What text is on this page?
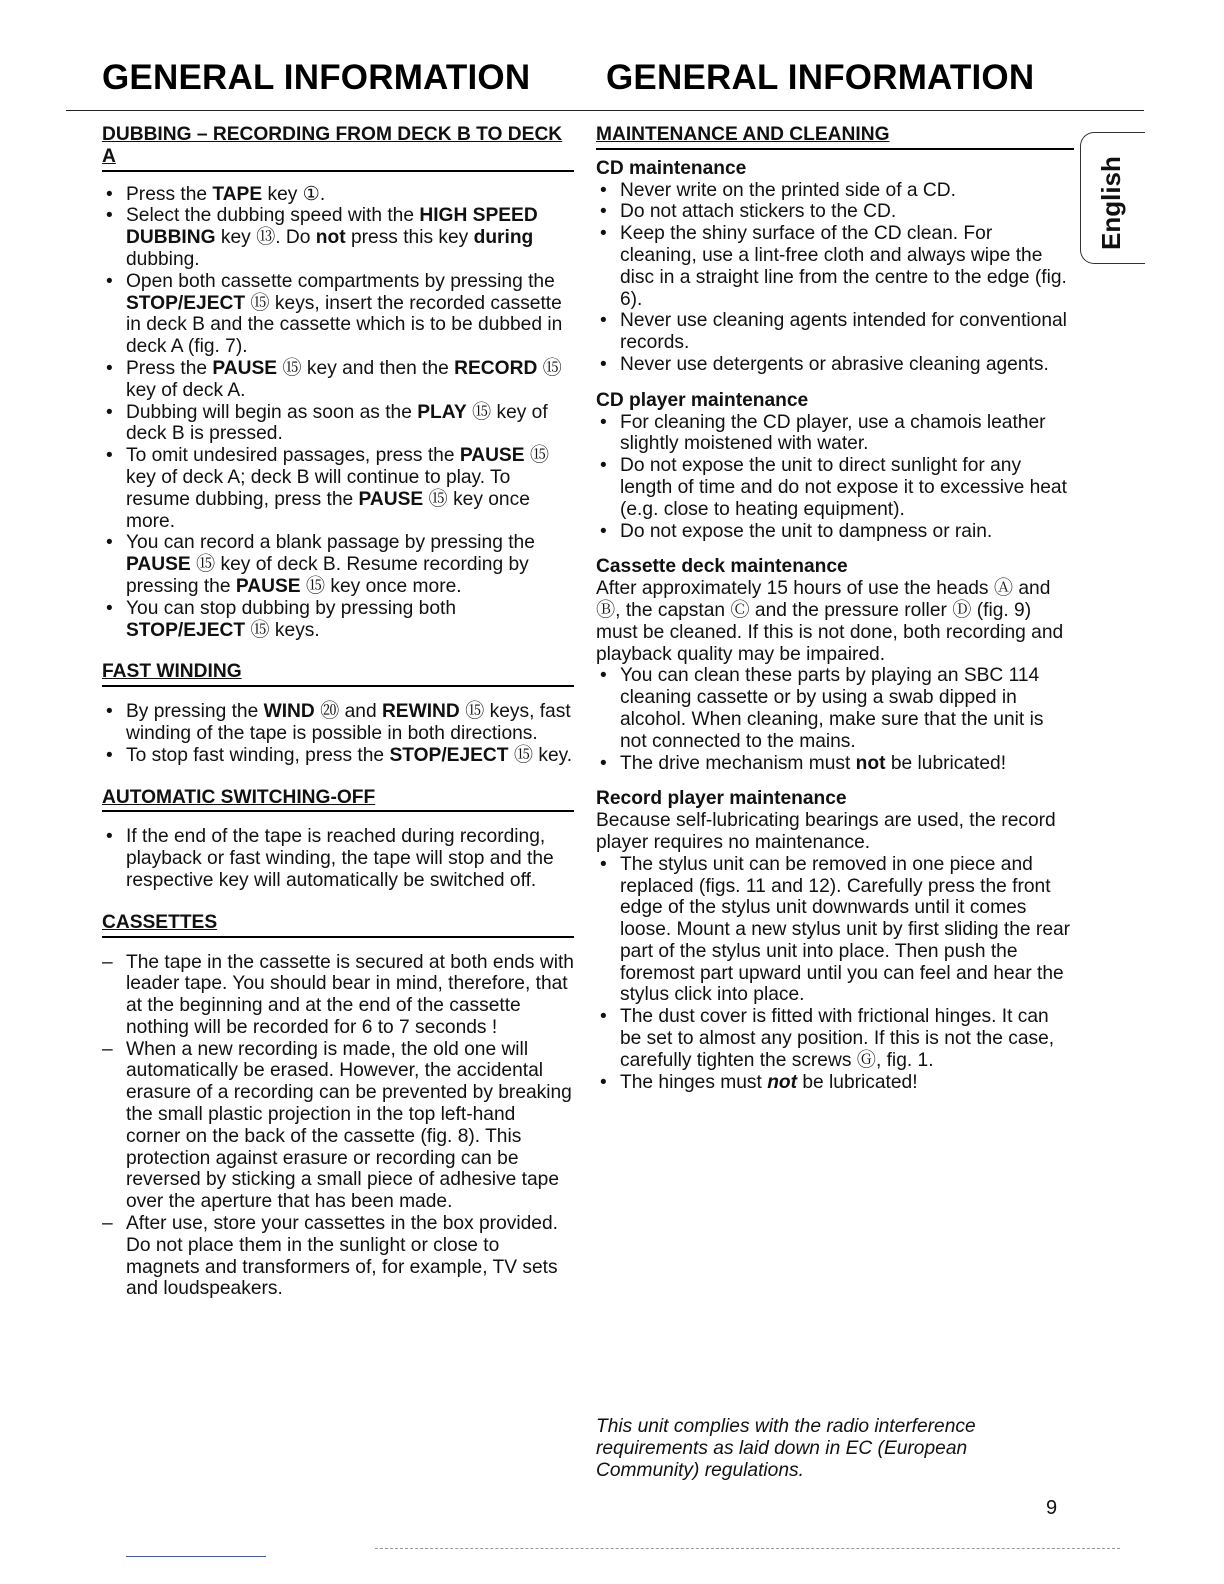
GENERAL INFORMATION GENERAL INFORMATION
English

DUBBING – RECORDING FROM DECK B TO DECK A

• Press the TAPE key ①.
• Select the dubbing speed with the HIGH SPEED DUBBING key ⑬. Do not press this key during dubbing.
• Open both cassette compartments by pressing the STOP/EJECT ⑮ keys, insert the recorded cassette in deck B and the cassette which is to be dubbed in deck A (fig. 7).
• Press the PAUSE ⑮ key and then the RECORD ⑮ key of deck A.
• Dubbing will begin as soon as the PLAY ⑮ key of deck B is pressed.
• To omit undesired passages, press the PAUSE ⑮ key of deck A; deck B will continue to play. To resume dubbing, press the PAUSE ⑮ key once more.
• You can record a blank passage by pressing the PAUSE ⑮ key of deck B. Resume recording by pressing the PAUSE ⑮ key once more.
• You can stop dubbing by pressing both STOP/EJECT ⑮ keys.

FAST WINDING

• By pressing the WIND ⑳ and REWIND ⑮ keys, fast winding of the tape is possible in both directions.
• To stop fast winding, press the STOP/EJECT ⑮ key.

AUTOMATIC SWITCHING-OFF

• If the end of the tape is reached during recording, playback or fast winding, the tape will stop and the respective key will automatically be switched off.

CASSETTES

– The tape in the cassette is secured at both ends with leader tape. You should bear in mind, therefore, that at the beginning and at the end of the cassette nothing will be recorded for 6 to 7 seconds !
– When a new recording is made, the old one will automatically be erased. However, the accidental erasure of a recording can be prevented by breaking the small plastic projection in the top left-hand corner on the back of the cassette (fig. 8). This protection against erasure or recording can be reversed by sticking a small piece of adhesive tape over the aperture that has been made.
– After use, store your cassettes in the box provided. Do not place them in the sunlight or close to magnets and transformers of, for example, TV sets and loudspeakers.

MAINTENANCE AND CLEANING

CD maintenance

• Never write on the printed side of a CD.
• Do not attach stickers to the CD.
• Keep the shiny surface of the CD clean. For cleaning, use a lint-free cloth and always wipe the disc in a straight line from the centre to the edge (fig. 6).
• Never use cleaning agents intended for conventional records.
• Never use detergents or abrasive cleaning agents.

CD player maintenance

• For cleaning the CD player, use a chamois leather slightly moistened with water.
• Do not expose the unit to direct sunlight for any length of time and do not expose it to excessive heat (e.g. close to heating equipment).
• Do not expose the unit to dampness or rain.

Cassette deck maintenance

After approximately 15 hours of use the heads Ⓐ and Ⓑ, the capstan Ⓒ and the pressure roller Ⓓ (fig. 9) must be cleaned. If this is not done, both recording and playback quality may be impaired.

• You can clean these parts by playing an SBC 114 cleaning cassette or by using a swab dipped in alcohol. When cleaning, make sure that the unit is not connected to the mains.
• The drive mechanism must not be lubricated!

Record player maintenance

Because self-lubricating bearings are used, the record player requires no maintenance.

• The stylus unit can be removed in one piece and replaced (figs. 11 and 12). Carefully press the front edge of the stylus unit downwards until it comes loose. Mount a new stylus unit by first sliding the rear part of the stylus unit into place. Then push the foremost part upward until you can feel and hear the stylus click into place.
• The dust cover is fitted with frictional hinges. It can be set to almost any position. If this is not the case, carefully tighten the screws Ⓖ, fig. 1.
• The hinges must not be lubricated!
This unit complies with the radio interference requirements as laid down in EC (European Community) regulations.
9
